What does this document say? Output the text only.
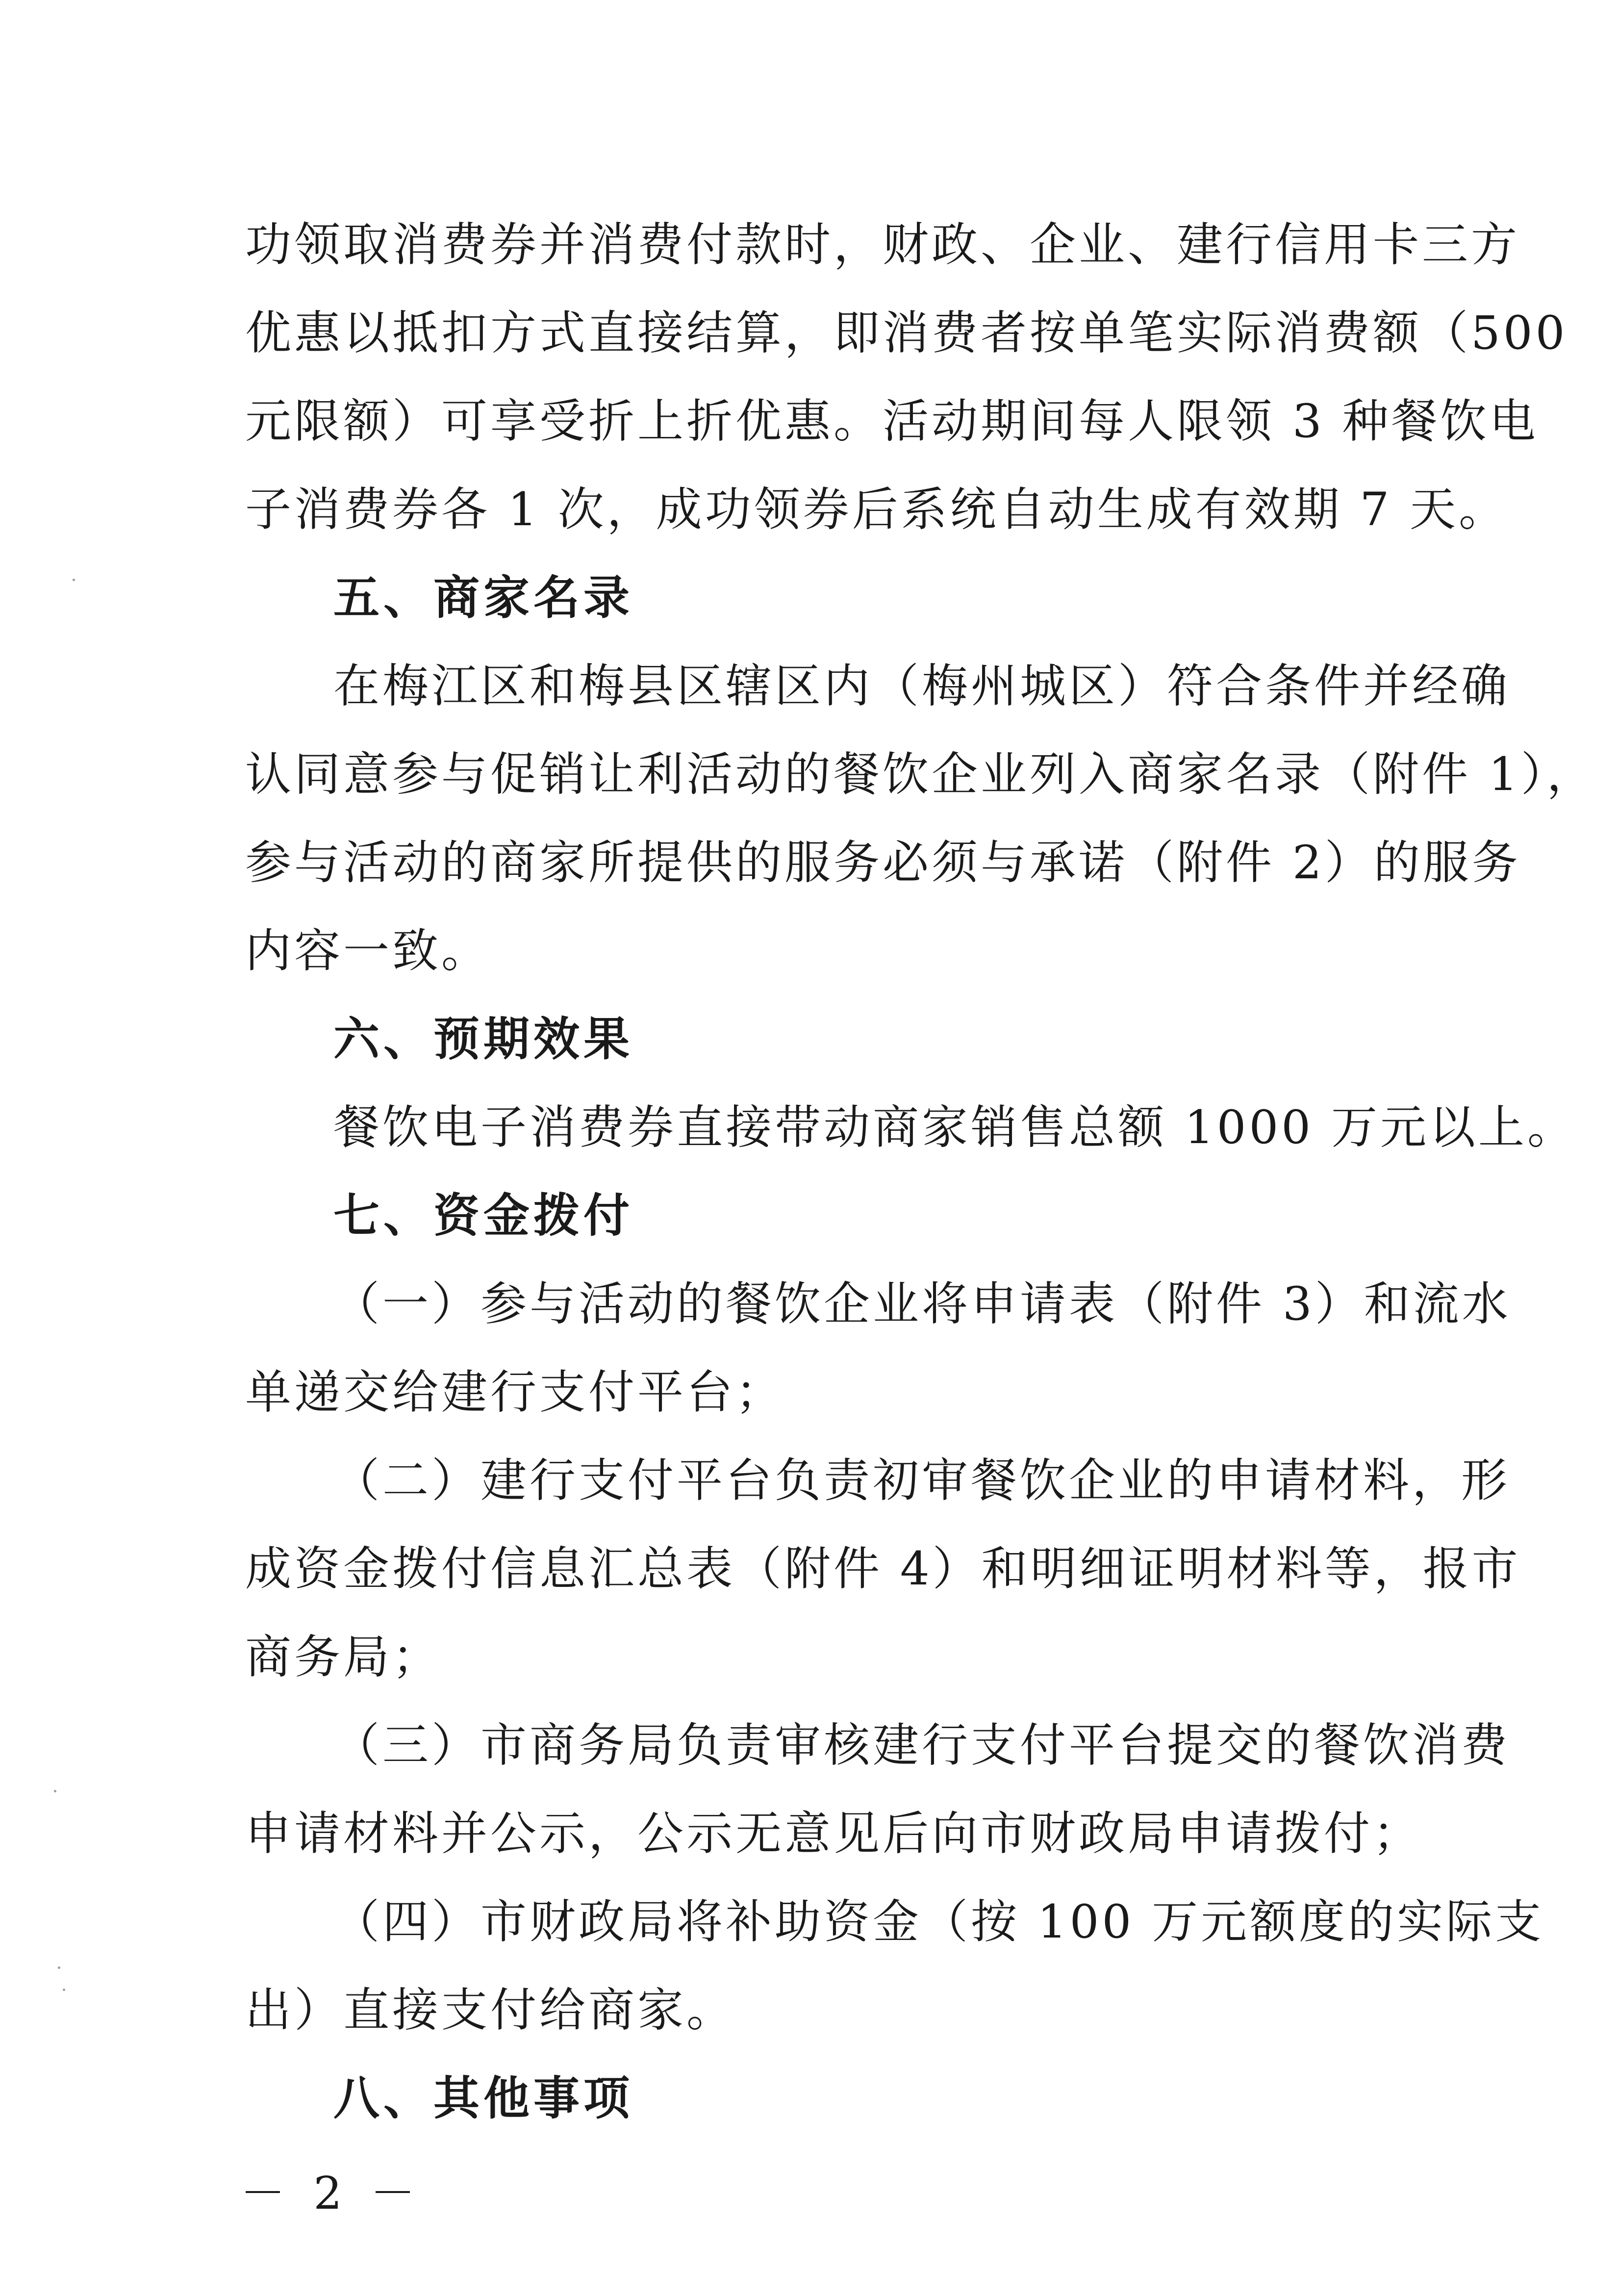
功领取消费券并消费付款时，财政、企业、建行信用卡三方
优惠以抵扣方式直接结算，即消费者按单笔实际消费额（500
元限额）可享受折上折优惠。活动期间每人限领 3 种餐饮电
子消费券各 1 次，成功领券后系统自动生成有效期 7 天。
五、商家名录
在梅江区和梅县区辖区内（梅州城区）符合条件并经确
认同意参与促销让利活动的餐饮企业列入商家名录（附件 1），
参与活动的商家所提供的服务必须与承诺（附件 2）的服务
内容一致。
六、预期效果
餐饮电子消费券直接带动商家销售总额 1000 万元以上。
七、资金拨付
（一）参与活动的餐饮企业将申请表（附件 3）和流水
单递交给建行支付平台；
（二）建行支付平台负责初审餐饮企业的申请材料，形
成资金拨付信息汇总表（附件 4）和明细证明材料等，报市
商务局；
（三）市商务局负责审核建行支付平台提交的餐饮消费
申请材料并公示，公示无意见后向市财政局申请拨付；
（四）市财政局将补助资金（按 100 万元额度的实际支
出）直接支付给商家。
八、其他事项
－ 2 －
